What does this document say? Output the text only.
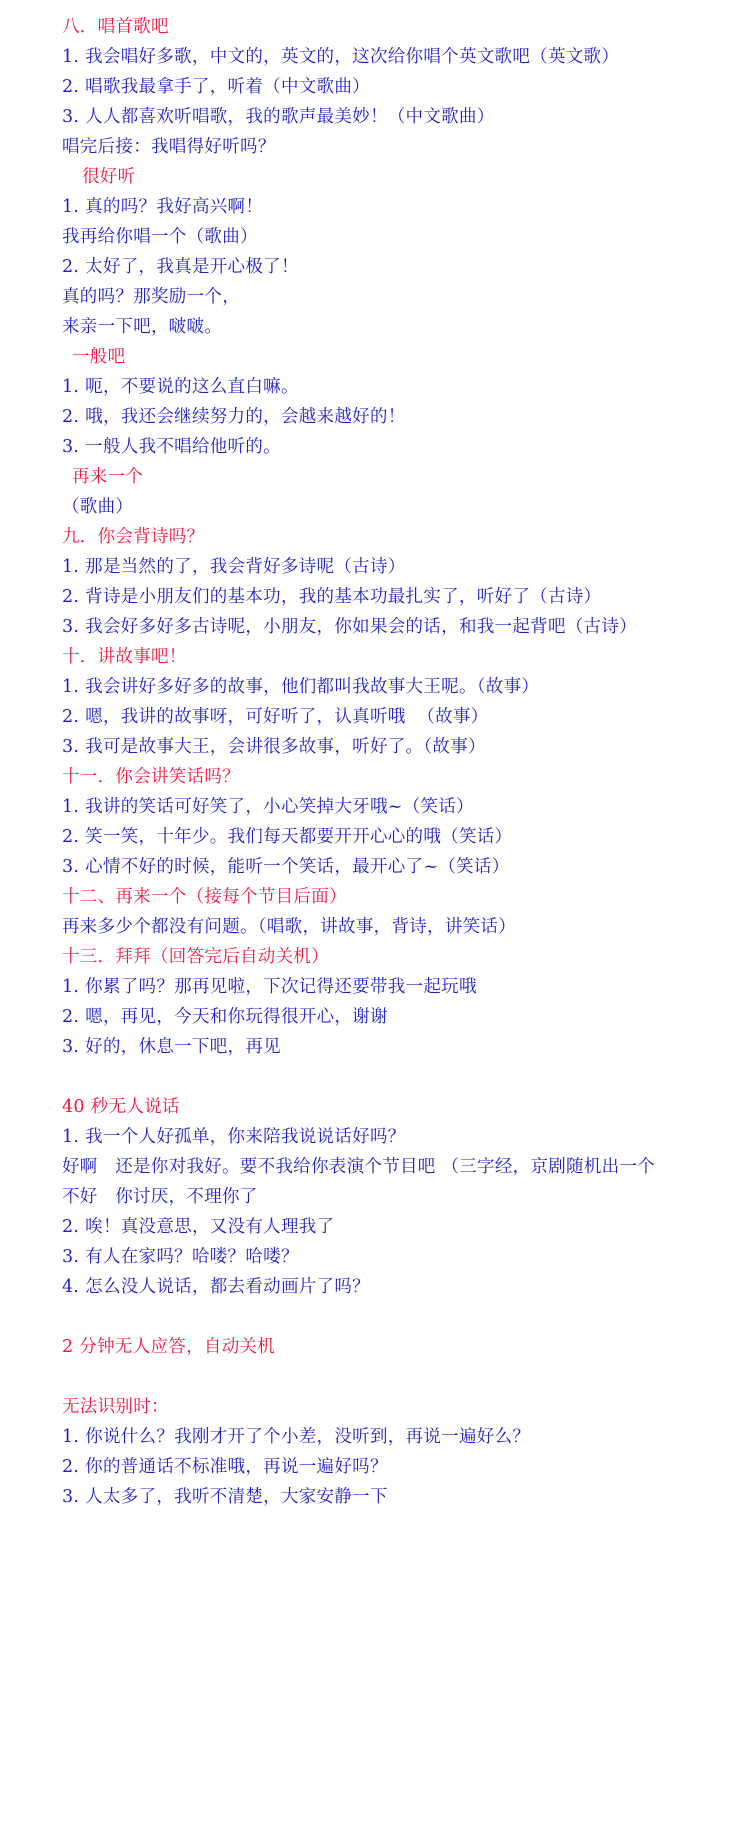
八．唱首歌吧
1. 我会唱好多歌，中文的，英文的，这次给你唱个英文歌吧（英文歌）
2. 唱歌我最拿手了，听着（中文歌曲）
3. 人人都喜欢听唱歌，我的歌声最美妙！（中文歌曲）
唱完后接：我唱得好听吗？
很好听
1. 真的吗？我好高兴啊！
我再给你唱一个（歌曲）
2. 太好了，我真是开心极了！
真的吗？那奖励一个，
来亲一下吧，啵啵。
一般吧
1. 呃，不要说的这么直白嘛。
2. 哦，我还会继续努力的，会越来越好的！
3. 一般人我不唱给他听的。
再来一个
（歌曲）
九．你会背诗吗？
1. 那是当然的了，我会背好多诗呢（古诗）
2. 背诗是小朋友们的基本功，我的基本功最扎实了，听好了（古诗）
3. 我会好多好多古诗呢，小朋友，你如果会的话，和我一起背吧（古诗）
十．讲故事吧！
1. 我会讲好多好多的故事，他们都叫我故事大王呢。（故事）
2. 嗯，我讲的故事呀，可好听了，认真听哦  （故事）
3. 我可是故事大王，会讲很多故事，听好了。（故事）
十一．你会讲笑话吗？
1. 我讲的笑话可好笑了，小心笑掉大牙哦~（笑话）
2. 笑一笑，十年少。我们每天都要开开心心的哦（笑话）
3. 心情不好的时候，能听一个笑话，最开心了~（笑话）
十二、再来一个（接每个节目后面）
再来多少个都没有问题。（唱歌，讲故事，背诗，讲笑话）
十三．拜拜（回答完后自动关机）
1. 你累了吗？那再见啦，下次记得还要带我一起玩哦
2. 嗯，再见，今天和你玩得很开心，谢谢
3. 好的，休息一下吧，再见
40 秒无人说话
1. 我一个人好孤单，你来陪我说说话好吗？
好啊   还是你对我好。要不我给你表演个节目吧 （三字经，京剧随机出一个
不好   你讨厌，不理你了
2. 唉！真没意思，又没有人理我了
3. 有人在家吗？哈喽？哈喽？
4. 怎么没人说话，都去看动画片了吗？
2 分钟无人应答，自动关机
无法识别时：
1. 你说什么？我刚才开了个小差，没听到，再说一遍好么？
2. 你的普通话不标准哦，再说一遍好吗？
3. 人太多了，我听不清楚，大家安静一下
